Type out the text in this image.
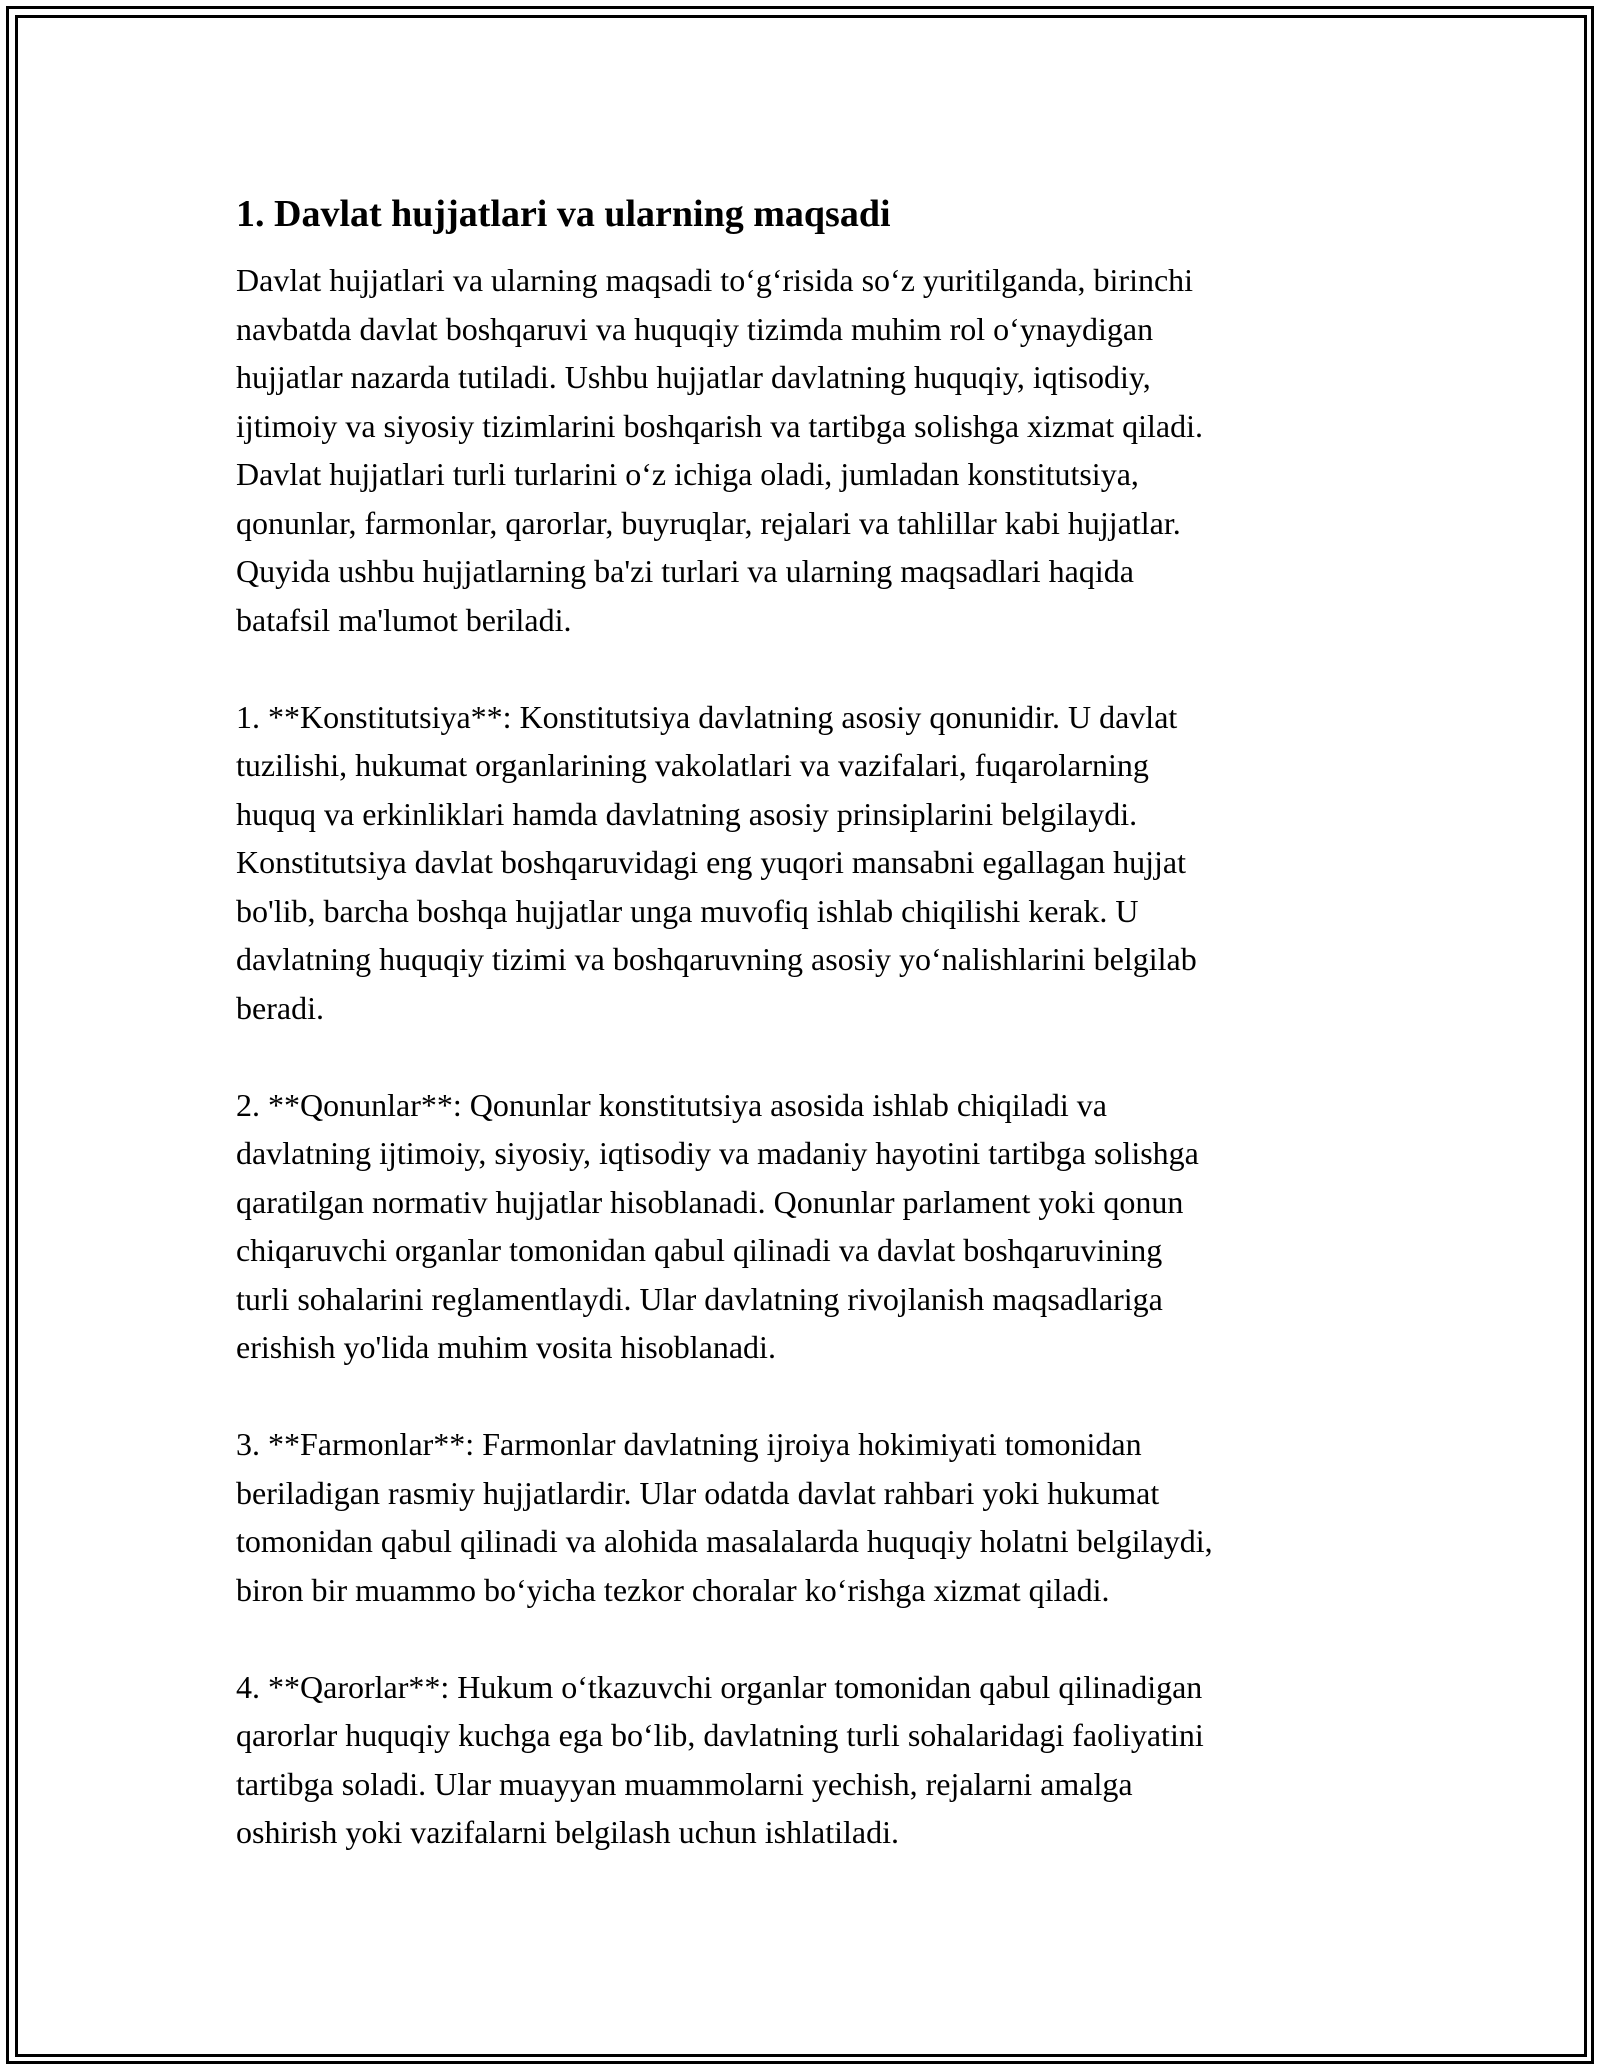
1. Davlat hujjatlari va ularning maqsadi

Davlat hujjatlari va ularning maqsadi to‘g‘risida so‘z yuritilganda, birinchi
navbatda davlat boshqaruvi va huquqiy tizimda muhim rol o‘ynaydigan
hujjatlar nazarda tutiladi. Ushbu hujjatlar davlatning huquqiy, iqtisodiy,
ijtimoiy va siyosiy tizimlarini boshqarish va tartibga solishga xizmat qiladi.
Davlat hujjatlari turli turlarini o‘z ichiga oladi, jumladan konstitutsiya,
qonunlar, farmonlar, qarorlar, buyruqlar, rejalari va tahlillar kabi hujjatlar.
Quyida ushbu hujjatlarning ba'zi turlari va ularning maqsadlari haqida
batafsil ma'lumot beriladi.

1. **Konstitutsiya**: Konstitutsiya davlatning asosiy qonunidir. U davlat
tuzilishi, hukumat organlarining vakolatlari va vazifalari, fuqarolarning
huquq va erkinliklari hamda davlatning asosiy prinsiplarini belgilaydi.
Konstitutsiya davlat boshqaruvidagi eng yuqori mansabni egallagan hujjat
bo'lib, barcha boshqa hujjatlar unga muvofiq ishlab chiqilishi kerak. U
davlatning huquqiy tizimi va boshqaruvning asosiy yo‘nalishlarini belgilab
beradi.

2. **Qonunlar**: Qonunlar konstitutsiya asosida ishlab chiqiladi va
davlatning ijtimoiy, siyosiy, iqtisodiy va madaniy hayotini tartibga solishga
qaratilgan normativ hujjatlar hisoblanadi. Qonunlar parlament yoki qonun
chiqaruvchi organlar tomonidan qabul qilinadi va davlat boshqaruvining
turli sohalarini reglamentlaydi. Ular davlatning rivojlanish maqsadlariga
erishish yo'lida muhim vosita hisoblanadi.

3. **Farmonlar**: Farmonlar davlatning ijroiya hokimiyati tomonidan
beriladigan rasmiy hujjatlardir. Ular odatda davlat rahbari yoki hukumat
tomonidan qabul qilinadi va alohida masalalarda huquqiy holatni belgilaydi,
biron bir muammo bo‘yicha tezkor choralar ko‘rishga xizmat qiladi.

4. **Qarorlar**: Hukum o‘tkazuvchi organlar tomonidan qabul qilinadigan
qarorlar huquqiy kuchga ega bo‘lib, davlatning turli sohalaridagi faoliyatini
tartibga soladi. Ular muayyan muammolarni yechish, rejalarni amalga
oshirish yoki vazifalarni belgilash uchun ishlatiladi.
